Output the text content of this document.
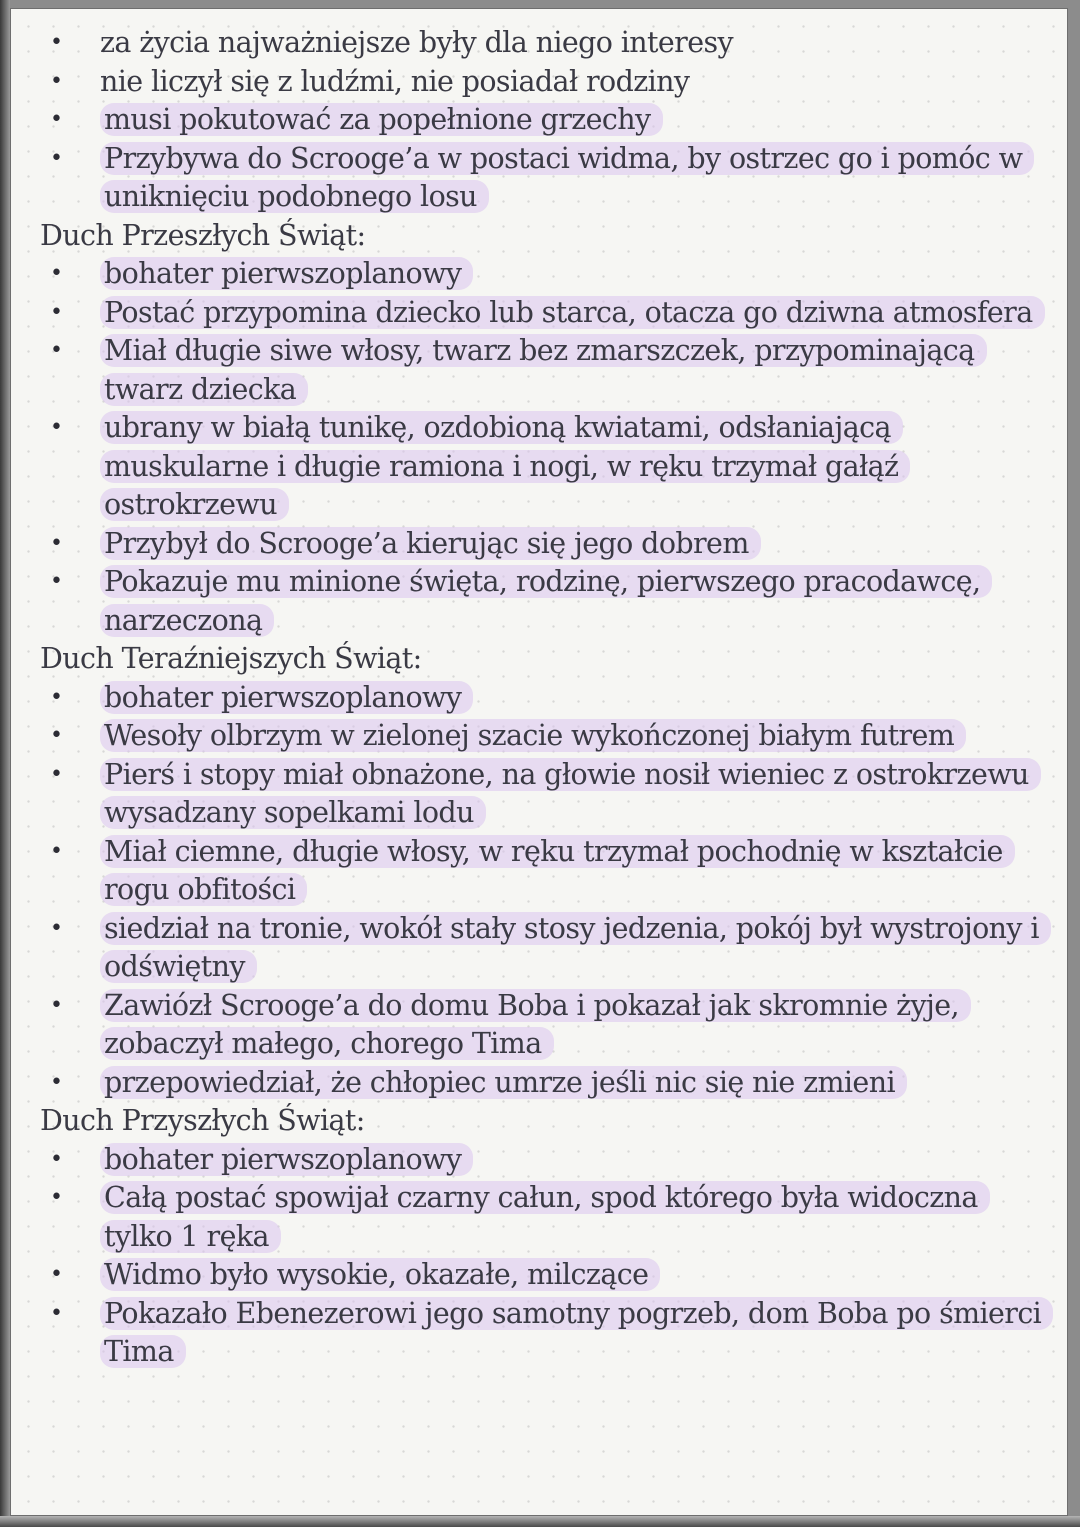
• za życia najważniejsze były dla niego interesy
• nie liczył się z ludźmi, nie posiadał rodziny
• musi pokutować za popełnione grzechy
• Przybywa do Scrooge’a w postaci widma, by ostrzec go i pomóc w uniknięciu podobnego losu
Duch Przeszłych Świąt:
• bohater pierwszoplanowy
• Postać przypomina dziecko lub starca, otacza go dziwna atmosfera
• Miał długie siwe włosy, twarz bez zmarszczek, przypominającą twarz dziecka
• ubrany w białą tunikę, ozdobioną kwiatami, odsłaniającą muskularne i długie ramiona i nogi, w ręku trzymał gałąź ostrokrzewu
• Przybył do Scrooge’a kierując się jego dobrem
• Pokazuje mu minione święta, rodzinę, pierwszego pracodawcę, narzeczoną
Duch Teraźniejszych Świąt:
• bohater pierwszoplanowy
• Wesoły olbrzym w zielonej szacie wykończonej białym futrem
• Pierś i stopy miał obnażone, na głowie nosił wieniec z ostrokrzewu wysadzany sopelkami lodu
• Miał ciemne, długie włosy, w ręku trzymał pochodnię w kształcie rogu obfitości
• siedział na tronie, wokół stały stosy jedzenia, pokój był wystrojony i odświętny
• Zawiózł Scrooge’a do domu Boba i pokazał jak skromnie żyje, zobaczył małego, chorego Tima
• przepowiedział, że chłopiec umrze jeśli nic się nie zmieni
Duch Przyszłych Świąt:
• bohater pierwszoplanowy
• Całą postać spowijał czarny całun, spod którego była widoczna tylko 1 ręka
• Widmo było wysokie, okazałe, milczące
• Pokazało Ebenezerowi jego samotny pogrzeb, dom Boba po śmierci Tima
